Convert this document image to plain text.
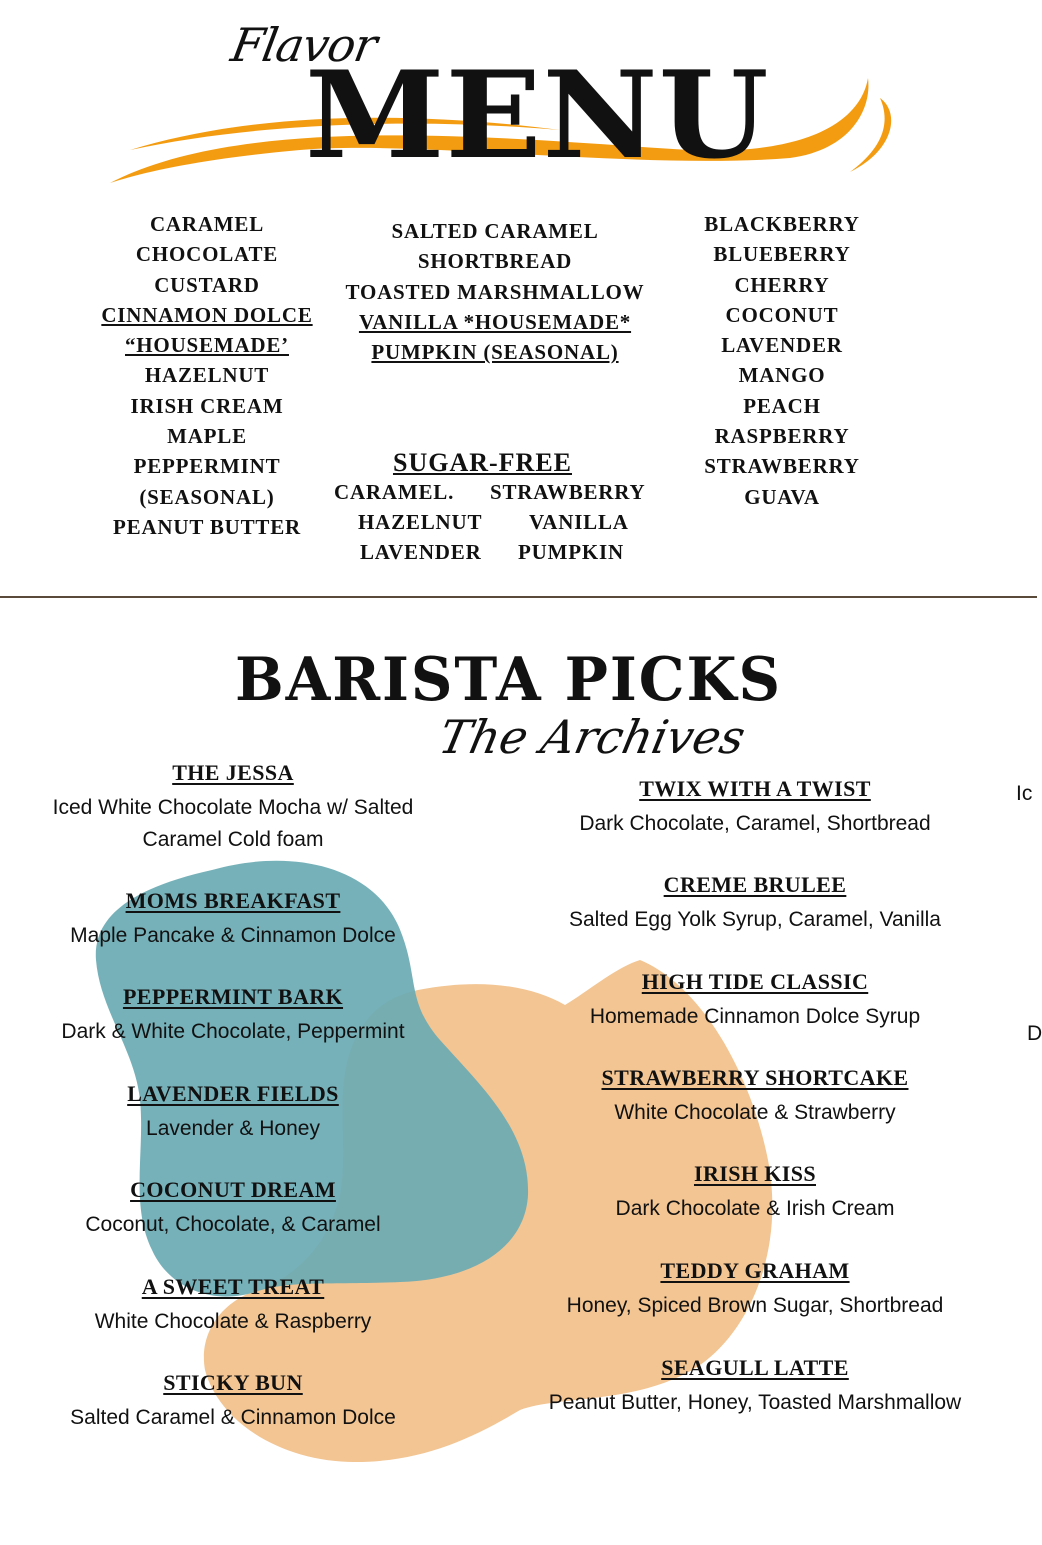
Flavor
MENU
CARAMEL
CHOCOLATE
CUSTARD
CINNAMON DOLCE
“HOUSEMADE’
HAZELNUT
IRISH CREAM
MAPLE
PEPPERMINT
(SEASONAL)
PEANUT BUTTER
SALTED CARAMEL
SHORTBREAD
TOASTED MARSHMALLOW
VANILLA *HOUSEMADE*
PUMPKIN (SEASONAL)
BLACKBERRY
BLUEBERRY
CHERRY
COCONUT
LAVENDER
MANGO
PEACH
RASPBERRY
STRAWBERRY
GUAVA
SUGAR-FREE
CARAMEL. STRAWBERRY
HAZELNUT VANILLA
LAVENDER PUMPKIN
BARISTA PICKS
The Archives
THE JESSA
Iced White Chocolate Mocha w/ Salted Caramel Cold foam
MOMS BREAKFAST
Maple Pancake & Cinnamon Dolce
PEPPERMINT BARK
Dark & White Chocolate, Peppermint
LAVENDER FIELDS
Lavender & Honey
COCONUT DREAM
Coconut, Chocolate, & Caramel
A SWEET TREAT
White Chocolate & Raspberry
STICKY BUN
Salted Caramel & Cinnamon Dolce
TWIX WITH A TWIST
Dark Chocolate, Caramel, Shortbread
CREME BRULEE
Salted Egg Yolk Syrup, Caramel, Vanilla
HIGH TIDE CLASSIC
Homemade Cinnamon Dolce Syrup
STRAWBERRY SHORTCAKE
White Chocolate & Strawberry
IRISH KISS
Dark Chocolate & Irish Cream
TEDDY GRAHAM
Honey, Spiced Brown Sugar, Shortbread
SEAGULL LATTE
Peanut Butter, Honey, Toasted Marshmallow
Ic
D
